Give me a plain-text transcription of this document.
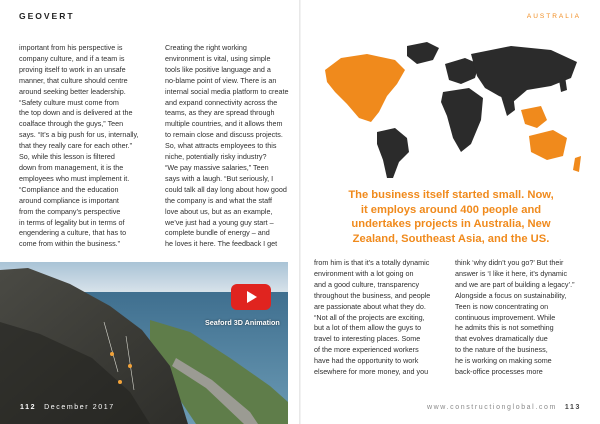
GEOVERT	AUSTRALIA

important from his perspective is

company culture, and if a team is

proving itself to work in an unsafe

manner, that culture should centre

around seeking better leadership.

“Safety culture must come from

the top down and is delivered at the

coalface through the guys,” Teen

says. “It’s a big push for us, internally,

that they really care for each other.”

So, while this lesson is filtered

down from management, it is the

employees who must implement it.

“Compliance and the education

around compliance is important

from the company’s perspective

in terms of legality but in terms of

engendering a culture, that has to

come from within the business.”

Creating the right working

environment is vital, using simple

tools like positive language and a

no-blame point of view. There is an

internal social media platform to create

and expand connectivity across the

teams, as they are spread through

multiple countries, and it allows them

to remain close and discuss projects.

So, what attracts employees to this

niche, potentially risky industry?

“We pay massive salaries,” Teen

says with a laugh. “But seriously, I

could talk all day long about how good

the company is and what the staff

love about us, but as an example,

we’ve just had a young guy start –

complete bundle of energy – and

he loves it here. The feedback I get

The business itself started small. Now,
it employs around 400 people and
undertakes projects in Australia, New
Zealand, Southeast Asia, and the US.
Seaford 3D Animation
112 December 2017	www.constructionglobal.com 113

from him is that it’s a totally dynamic

environment with a lot going on

and a good culture, transparency

throughout the business, and people

are passionate about what they do.

“Not all of the projects are exciting,

but a lot of them allow the guys to

travel to interesting places. Some

of the more experienced workers

have had the opportunity to work

elsewhere for more money, and you

think ‘why didn’t you go?’ But their

answer is ‘I like it here, it’s dynamic

and we are part of building a legacy’.”

Alongside a focus on sustainability,

Teen is now concentrating on

continuous improvement. While

he admits this is not something

that evolves dramatically due

to the nature of the business,

he is working on making some

back-office processes more
